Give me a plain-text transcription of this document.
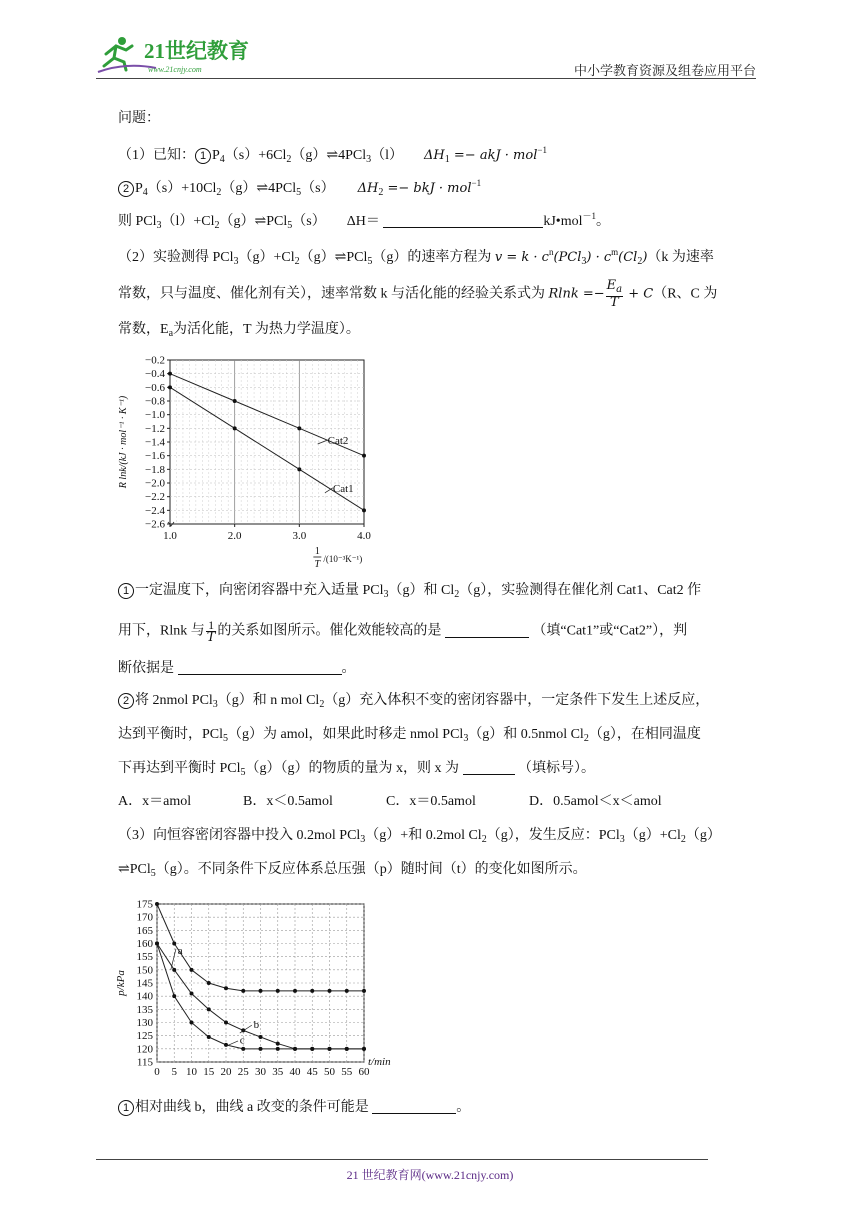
21世纪教育
www.21cnjy.com	中小学教育资源及组卷应用平台
问题：
（1）已知： 1 $P_4(s)+6Cl_2(g)\rightleftharpoons 4PCl_3(l) \Delta H_1$ =− akJ · mol$^{-1}$
2 $P_4(s)+10Cl_2(g)\rightleftharpoons 4PCl_5(s) \Delta H_2$ =− bkJ · mol$^{-1}$
则 $PCl_3(l)+Cl_2(g)\rightleftharpoons PCl_5(s)$ ΔH＝	kJ•mol$^{-1}$。
（2）实验测得 $PCl_3(g)+Cl_2(g)\rightleftharpoons PCl_5(g)$的速率方程为 $v = k \cdot c^n(PCl_3) \cdot c^m(Cl_2)(k$ 为速率
常数，只与温度、催化剂有关），速率常数 k 与活化能的经验关系式为 $Rlnk =- \frac{E_a}{T} + C(R$、C 为
常数，$E_a$为活化能，T 为热力学温度）。
−0.2
−0.4
−0.6
−0.8
−1.0
−1.2
−1.4
−1.6
−1.8
−2.0
−2.2
−2.4
−2.6
1.0	2.0	3.0	4.0
R lnk/(kJ · mol⁻¹ · K⁻¹)
1
T /(10⁻³K⁻¹)
Cat2
Cat1
1 一定温度下，向密闭容器中充入适量 PCl$_3$（g）和 $Cl_2(g)$，实验测得在催化剂 Cat1、Cat2 作
用下，Rlnk 与 $\frac{1}{T}$ 的关系如图所示。催化效能较高的是	（填“Cat1”或“Cat2”），判
断依据是	。
2 将 2nmol PCl$_3$（g）和 n mol $Cl_2(g)$充入体积不变的密闭容器中，一定条件下发生上述反应，
达到平衡时，PCl$_5$（g）为 amol，如果此时移走 nmol PCl$_3$（g）和 0.5nmol $Cl_2(g)$，在相同温度
下再达到平衡时 PCl$_5$（g）（g）的物质的量为 x，则 x 为	（填标号）。
A．x＝amol	B．x＜0.5amol	C．x＝0.5amol	D．0.5amol＜x＜amol
（3）向恒容密闭容器中投入 0.2mol PCl$_3$（g）+和 0.2mol $Cl_2(g)$，发生反应：$PCl_3(g)+Cl_2(g)$
⇌PCl$_5$（g）。不同条件下反应体系总压强（p）随时间（t）的变化如图所示。
0 5 10 15 20 25 30 35 40 45 50 55 60
115
120
125
130
135
140
145
150
155
160
165
170
175
p/kPa
t/min
a
b
c
1 相对曲线 b，曲线 a 改变的条件可能是	。
21 世纪教育网(www.21cnjy.com)
